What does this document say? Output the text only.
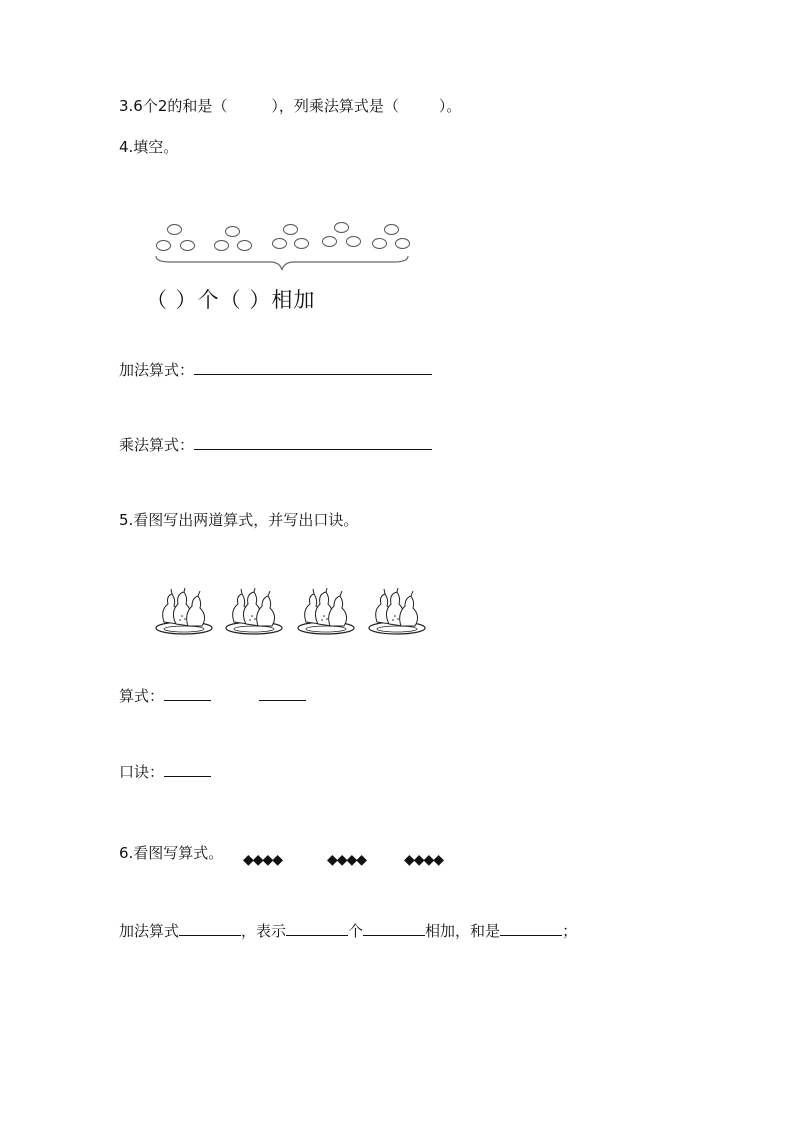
3.6个2的和是（	），列乘法算式是（	）。
4.填空。
（ ）个（ ）相加
加法算式：
乘法算式：
5.看图写出两道算式，并写出口诀。
算式：
口诀：
6.看图写算式。 ◆◆◆◆	◆◆◆◆	◆◆◆◆
加法算式	，表示	个	相加，和是	；
